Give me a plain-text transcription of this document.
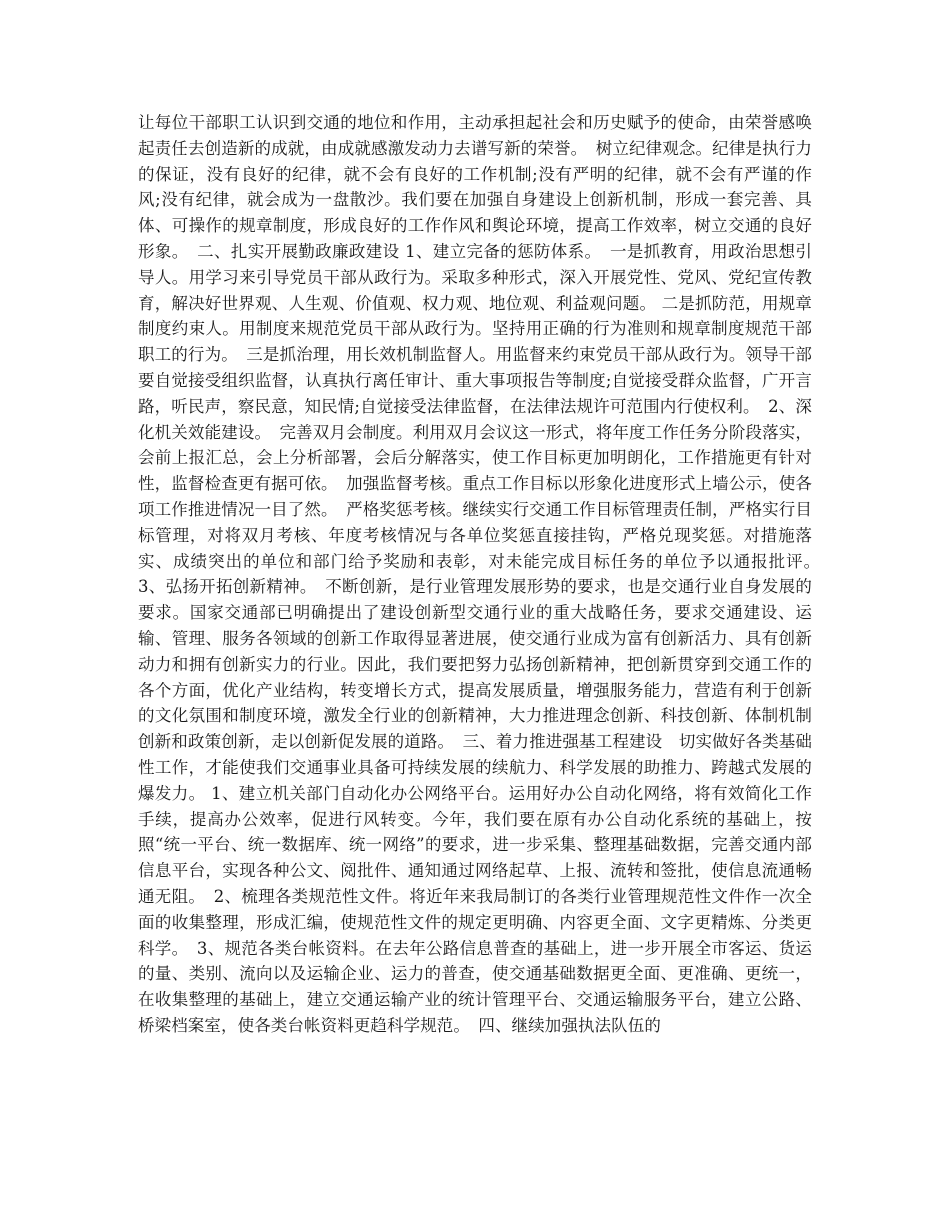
让每位干部职工认识到交通的地位和作用，主动承担起社会和历史赋予的使命，由荣誉感唤起责任去创造新的成就，由成就感激发动力去谱写新的荣誉。　树立纪律观念。纪律是执行力的保证，没有良好的纪律，就不会有良好的工作机制;没有严明的纪律，就不会有严谨的作风;没有纪律，就会成为一盘散沙。我们要在加强自身建设上创新机制，形成一套完善、具体、可操作的规章制度，形成良好的工作作风和舆论环境，提高工作效率，树立交通的良好形象。　二、扎实开展勤政廉政建设 1、建立完备的惩防体系。　一是抓教育，用政治思想引导人。用学习来引导党员干部从政行为。采取多种形式，深入开展党性、党风、党纪宣传教育，解决好世界观、人生观、价值观、权力观、地位观、利益观问题。 二是抓防范，用规章制度约束人。用制度来规范党员干部从政行为。坚持用正确的行为准则和规章制度规范干部职工的行为。　三是抓治理，用长效机制监督人。用监督来约束党员干部从政行为。领导干部要自觉接受组织监督，认真执行离任审计、重大事项报告等制度;自觉接受群众监督，广开言路，听民声，察民意，知民情;自觉接受法律监督，在法律法规许可范围内行使权利。　2、深化机关效能建设。　完善双月会制度。利用双月会议这一形式，将年度工作任务分阶段落实，会前上报汇总，会上分析部署，会后分解落实，使工作目标更加明朗化，工作措施更有针对性，监督检查更有据可依。　加强监督考核。重点工作目标以形象化进度形式上墙公示，使各项工作推进情况一目了然。　严格奖惩考核。继续实行交通工作目标管理责任制，严格实行目标管理，对将双月考核、年度考核情况与各单位奖惩直接挂钩，严格兑现奖惩。对措施落实、成绩突出的单位和部门给予奖励和表彰，对未能完成目标任务的单位予以通报批评。　3、弘扬开拓创新精神。　不断创新，是行业管理发展形势的要求，也是交通行业自身发展的要求。国家交通部已明确提出了建设创新型交通行业的重大战略任务，要求交通建设、运输、管理、服务各领域的创新工作取得显著进展，使交通行业成为富有创新活力、具有创新动力和拥有创新实力的行业。因此，我们要把努力弘扬创新精神，把创新贯穿到交通工作的各个方面，优化产业结构，转变增长方式，提高发展质量，增强服务能力，营造有利于创新的文化氛围和制度环境，激发全行业的创新精神，大力推进理念创新、科技创新、体制机制创新和政策创新，走以创新促发展的道路。　三、着力推进强基工程建设　切实做好各类基础性工作，才能使我们交通事业具备可持续发展的续航力、科学发展的助推力、跨越式发展的爆发力。 1、建立机关部门自动化办公网络平台。运用好办公自动化网络，将有效简化工作手续，提高办公效率，促进行风转变。今年，我们要在原有办公自动化系统的基础上，按照“统一平台、统一数据库、统一网络”的要求，进一步采集、整理基础数据，完善交通内部信息平台，实现各种公文、阅批件、通知通过网络起草、上报、流转和签批，使信息流通畅通无阻。　2、梳理各类规范性文件。将近年来我局制订的各类行业管理规范性文件作一次全面的收集整理，形成汇编，使规范性文件的规定更明确、内容更全面、文字更精炼、分类更科学。　3、规范各类台帐资料。在去年公路信息普查的基础上，进一步开展全市客运、货运的量、类别、流向以及运输企业、运力的普查，使交通基础数据更全面、更准确、更统一，在收集整理的基础上，建立交通运输产业的统计管理平台、交通运输服务平台，建立公路、桥梁档案室，使各类台帐资料更趋科学规范。　四、继续加强执法队伍的
